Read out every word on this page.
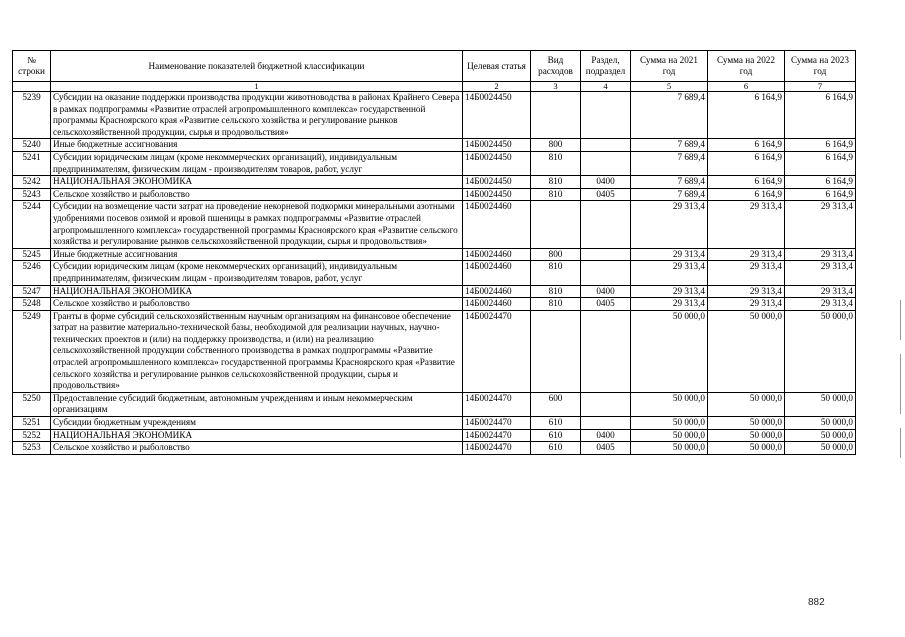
№ строки	Наименование показателей бюджетной классификации	Целевая статья	Вид расходов	Раздел, подраздел	Сумма на 2021 год	Сумма на 2022 год	Сумма на 2023 год
	1	2	3	4	5	6	7
5239	Субсидии на оказание поддержки производства продукции животноводства в районах Крайнего Севера в рамках подпрограммы «Развитие отраслей агропромышленного комплекса» государственной программы Красноярского края «Развитие сельского хозяйства и регулирование рынков сельскохозяйственной продукции, сырья и продовольствия»	14Б0024450			7 689,4	6 164,9	6 164,9
5240	Иные бюджетные ассигнования	14Б0024450	800		7 689,4	6 164,9	6 164,9
5241	Субсидии юридическим лицам (кроме некоммерческих организаций), индивидуальным предпринимателям, физическим лицам - производителям товаров, работ, услуг	14Б0024450	810		7 689,4	6 164,9	6 164,9
5242	НАЦИОНАЛЬНАЯ ЭКОНОМИКА	14Б0024450	810	0400	7 689,4	6 164,9	6 164,9
5243	Сельское хозяйство и рыболовство	14Б0024450	810	0405	7 689,4	6 164,9	6 164,9
5244	Субсидии на возмещение части затрат на проведение некорневой подкормки минеральными азотными удобрениями посевов озимой и яровой пшеницы в рамках подпрограммы «Развитие отраслей агропромышленного комплекса» государственной программы Красноярского края «Развитие сельского хозяйства и регулирование рынков сельскохозяйственной продукции, сырья и продовольствия»	14Б0024460			29 313,4	29 313,4	29 313,4
5245	Иные бюджетные ассигнования	14Б0024460	800		29 313,4	29 313,4	29 313,4
5246	Субсидии юридическим лицам (кроме некоммерческих организаций), индивидуальным предпринимателям, физическим лицам - производителям товаров, работ, услуг	14Б0024460	810		29 313,4	29 313,4	29 313,4
5247	НАЦИОНАЛЬНАЯ ЭКОНОМИКА	14Б0024460	810	0400	29 313,4	29 313,4	29 313,4
5248	Сельское хозяйство и рыболовство	14Б0024460	810	0405	29 313,4	29 313,4	29 313,4
5249	Гранты в форме субсидий сельскохозяйственным научным организациям на финансовое обеспечение затрат на развитие материально-технической базы, необходимой для реализации научных, научно-технических проектов и (или) на поддержку производства, и (или) на реализацию сельскохозяйственной продукции собственного производства в рамках подпрограммы «Развитие отраслей агропромышленного комплекса» государственной программы Красноярского края «Развитие сельского хозяйства и регулирование рынков сельскохозяйственной продукции, сырья и продовольствия»	14Б0024470			50 000,0	50 000,0	50 000,0
5250	Предоставление субсидий бюджетным, автономным учреждениям и иным некоммерческим организациям	14Б0024470	600		50 000,0	50 000,0	50 000,0
5251	Субсидии бюджетным учреждениям	14Б0024470	610		50 000,0	50 000,0	50 000,0
5252	НАЦИОНАЛЬНАЯ ЭКОНОМИКА	14Б0024470	610	0400	50 000,0	50 000,0	50 000,0
5253	Сельское хозяйство и рыболовство	14Б0024470	610	0405	50 000,0	50 000,0	50 000,0
882
